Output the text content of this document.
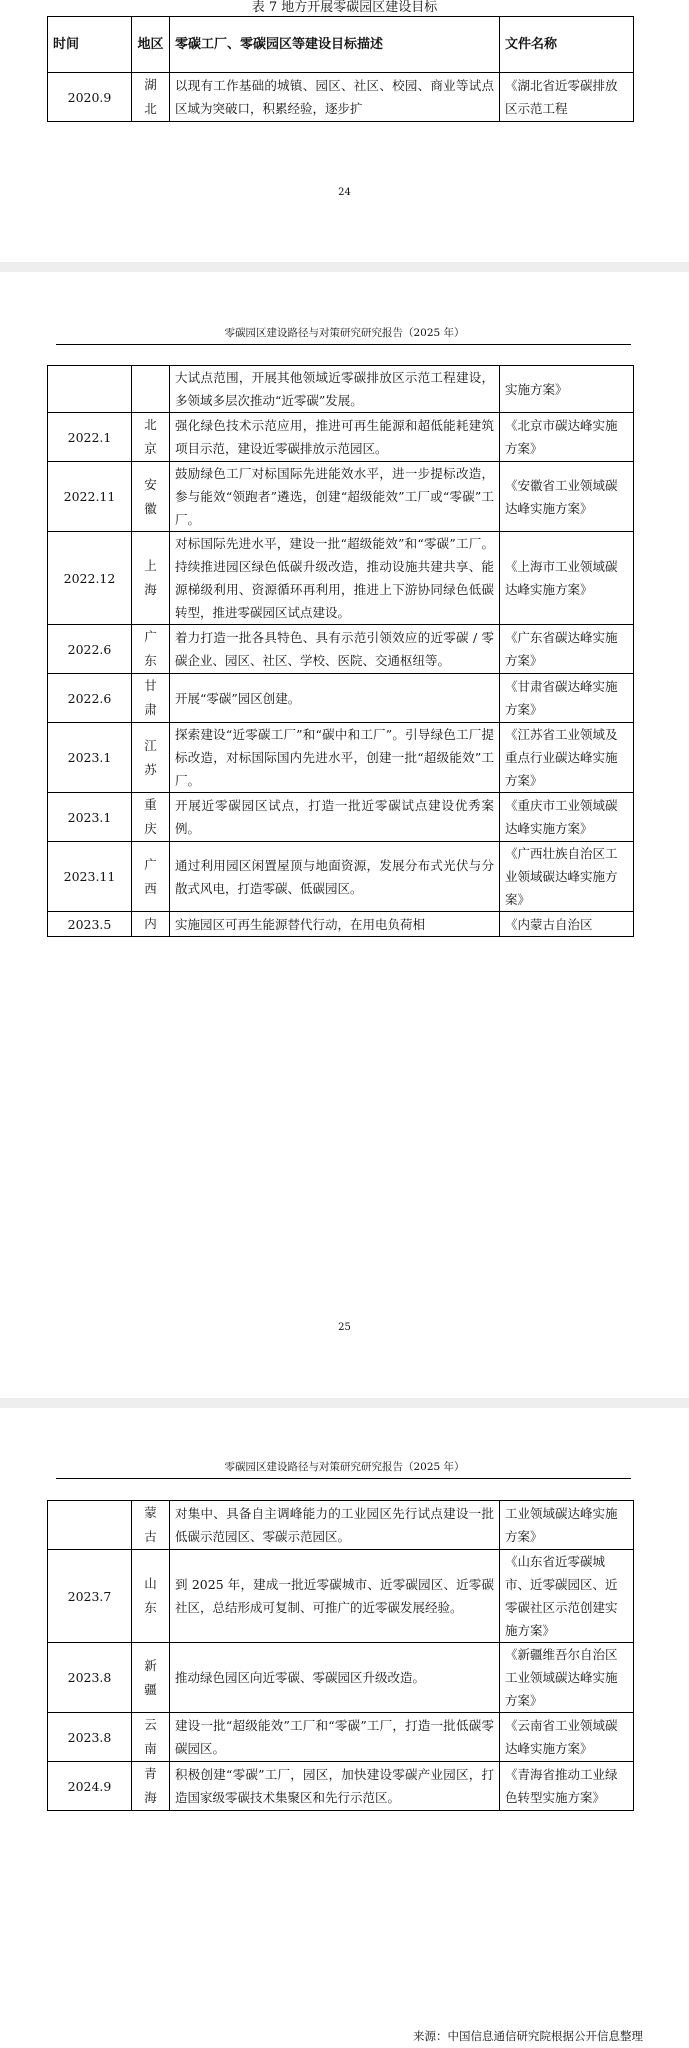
表 7 地方开展零碳园区建设目标
时间	地区	零碳工厂、零碳园区等建设目标描述	文件名称
2020.9	湖北	以现有工作基础的城镇、园区、社区、校园、商业等试点区域为突破口，积累经验，逐步扩	《湖北省近零碳排放区示范工程
24
零碳园区建设路径与对策研究研究报告（2025 年）

	大试点范围，开展其他领域近零碳排放区示范工程建设，多领域多层次推动“近零碳”发展。	实施方案》
2022.1	北京	强化绿色技术示范应用，推进可再生能源和超低能耗建筑项目示范，建设近零碳排放示范园区。	《北京市碳达峰实施方案》
2022.11	安徽	鼓励绿色工厂对标国际先进能效水平，进一步提标改造，参与能效“领跑者”遴选，创建“超级能效”工厂或“零碳”工厂。	《安徽省工业领域碳达峰实施方案》
2022.12	上海	对标国际先进水平，建设一批“超级能效”和“零碳”工厂。持续推进园区绿色低碳升级改造，推动设施共建共享、能源梯级利用、资源循环再利用，推进上下游协同绿色低碳转型，推进零碳园区试点建设。	《上海市工业领域碳达峰实施方案》
2022.6	广东	着力打造一批各具特色、具有示范引领效应的近零碳 / 零碳企业、园区、社区、学校、医院、交通枢纽等。	《广东省碳达峰实施方案》
2022.6	甘肃	开展“零碳”园区创建。	《甘肃省碳达峰实施方案》
2023.1	江苏	探索建设“近零碳工厂”和“碳中和工厂”。引导绿色工厂提标改造，对标国际国内先进水平，创建一批“超级能效”工厂。	《江苏省工业领域及重点行业碳达峰实施方案》
2023.1	重庆	开展近零碳园区试点，打造一批近零碳试点建设优秀案例。	《重庆市工业领域碳达峰实施方案》
2023.11	广西	通过利用园区闲置屋顶与地面资源，发展分布式光伏与分散式风电，打造零碳、低碳园区。	《广西壮族自治区工业领域碳达峰实施方案》
2023.5	内	实施园区可再生能源替代行动，在用电负荷相	《内蒙古自治区
25
零碳园区建设路径与对策研究研究报告（2025 年）

	蒙古	对集中、具备自主调峰能力的工业园区先行试点建设一批低碳示范园区、零碳示范园区。	工业领域碳达峰实施方案》
2023.7	山东	到 2025 年，建成一批近零碳城市、近零碳园区、近零碳社区，总结形成可复制、可推广的近零碳发展经验。	《山东省近零碳城市、近零碳园区、近零碳社区示范创建实施方案》
2023.8	新疆	推动绿色园区向近零碳、零碳园区升级改造。	《新疆维吾尔自治区工业领域碳达峰实施方案》
2023.8	云南	建设一批“超级能效”工厂和“零碳”工厂，打造一批低碳零碳园区。	《云南省工业领域碳达峰实施方案》
2024.9	青海	积极创建“零碳”工厂，园区，加快建设零碳产业园区，打造国家级零碳技术集聚区和先行示范区。	《青海省推动工业绿色转型实施方案》
来源：中国信息通信研究院根据公开信息整理
